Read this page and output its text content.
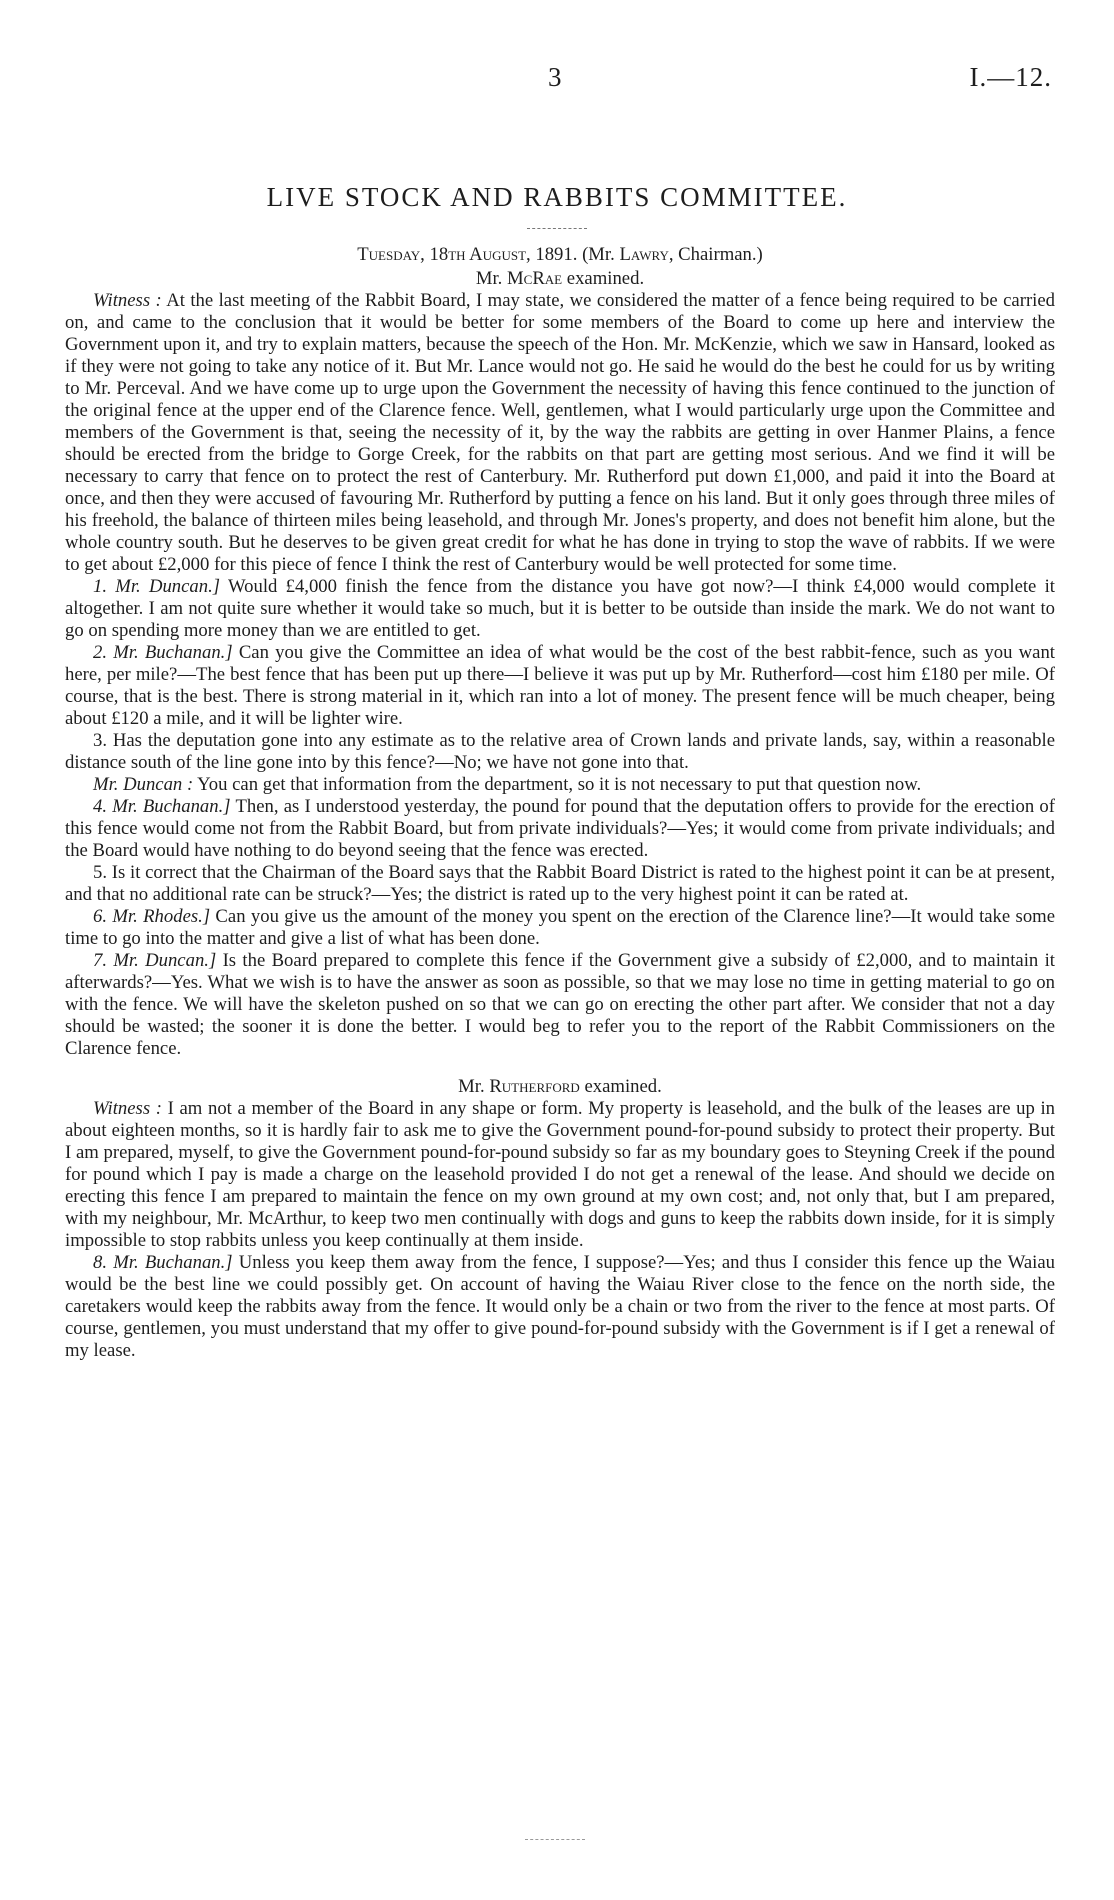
3	I.—12.
LIVE STOCK AND RABBITS COMMITTEE.

Tuesday, 18th August, 1891. (Mr. Lawry, Chairman.)

Mr. McRae examined.

Witness : At the last meeting of the Rabbit Board, I may state, we considered the matter of a fence being required to be carried on, and came to the conclusion that it would be better for some members of the Board to come up here and interview the Government upon it, and try to explain matters, because the speech of the Hon. Mr. McKenzie, which we saw in Hansard, looked as if they were not going to take any notice of it. But Mr. Lance would not go. He said he would do the best he could for us by writing to Mr. Perceval. And we have come up to urge upon the Government the necessity of having this fence continued to the junction of the original fence at the upper end of the Clarence fence. Well, gentlemen, what I would particularly urge upon the Committee and members of the Government is that, seeing the necessity of it, by the way the rabbits are getting in over Hanmer Plains, a fence should be erected from the bridge to Gorge Creek, for the rabbits on that part are getting most serious. And we find it will be necessary to carry that fence on to protect the rest of Canterbury. Mr. Rutherford put down £1,000, and paid it into the Board at once, and then they were accused of favouring Mr. Rutherford by putting a fence on his land. But it only goes through three miles of his freehold, the balance of thirteen miles being leasehold, and through Mr. Jones's property, and does not benefit him alone, but the whole country south. But he deserves to be given great credit for what he has done in trying to stop the wave of rabbits. If we were to get about £2,000 for this piece of fence I think the rest of Canterbury would be well protected for some time.

1. Mr. Duncan.] Would £4,000 finish the fence from the distance you have got now?—I think £4,000 would complete it altogether. I am not quite sure whether it would take so much, but it is better to be outside than inside the mark. We do not want to go on spending more money than we are entitled to get.

2. Mr. Buchanan.] Can you give the Committee an idea of what would be the cost of the best rabbit-fence, such as you want here, per mile?—The best fence that has been put up there—I believe it was put up by Mr. Rutherford—cost him £180 per mile. Of course, that is the best. There is strong material in it, which ran into a lot of money. The present fence will be much cheaper, being about £120 a mile, and it will be lighter wire.

3. Has the deputation gone into any estimate as to the relative area of Crown lands and private lands, say, within a reasonable distance south of the line gone into by this fence?—No; we have not gone into that.

Mr. Duncan : You can get that information from the department, so it is not necessary to put that question now.

4. Mr. Buchanan.] Then, as I understood yesterday, the pound for pound that the deputation offers to provide for the erection of this fence would come not from the Rabbit Board, but from private individuals?—Yes; it would come from private individuals; and the Board would have nothing to do beyond seeing that the fence was erected.

5. Is it correct that the Chairman of the Board says that the Rabbit Board District is rated to the highest point it can be at present, and that no additional rate can be struck?—Yes; the district is rated up to the very highest point it can be rated at.

6. Mr. Rhodes.] Can you give us the amount of the money you spent on the erection of the Clarence line?—It would take some time to go into the matter and give a list of what has been done.

7. Mr. Duncan.] Is the Board prepared to complete this fence if the Government give a subsidy of £2,000, and to maintain it afterwards?—Yes. What we wish is to have the answer as soon as possible, so that we may lose no time in getting material to go on with the fence. We will have the skeleton pushed on so that we can go on erecting the other part after. We consider that not a day should be wasted; the sooner it is done the better. I would beg to refer you to the report of the Rabbit Commissioners on the Clarence fence.

Mr. Rutherford examined.

Witness : I am not a member of the Board in any shape or form. My property is leasehold, and the bulk of the leases are up in about eighteen months, so it is hardly fair to ask me to give the Government pound-for-pound subsidy to protect their property. But I am prepared, myself, to give the Government pound-for-pound subsidy so far as my boundary goes to Steyning Creek if the pound for pound which I pay is made a charge on the leasehold provided I do not get a renewal of the lease. And should we decide on erecting this fence I am prepared to maintain the fence on my own ground at my own cost; and, not only that, but I am prepared, with my neighbour, Mr. McArthur, to keep two men continually with dogs and guns to keep the rabbits down inside, for it is simply impossible to stop rabbits unless you keep continually at them inside.

8. Mr. Buchanan.] Unless you keep them away from the fence, I suppose?—Yes; and thus I consider this fence up the Waiau would be the best line we could possibly get. On account of having the Waiau River close to the fence on the north side, the caretakers would keep the rabbits away from the fence. It would only be a chain or two from the river to the fence at most parts. Of course, gentlemen, you must understand that my offer to give pound-for-pound subsidy with the Government is if I get a renewal of my lease.
